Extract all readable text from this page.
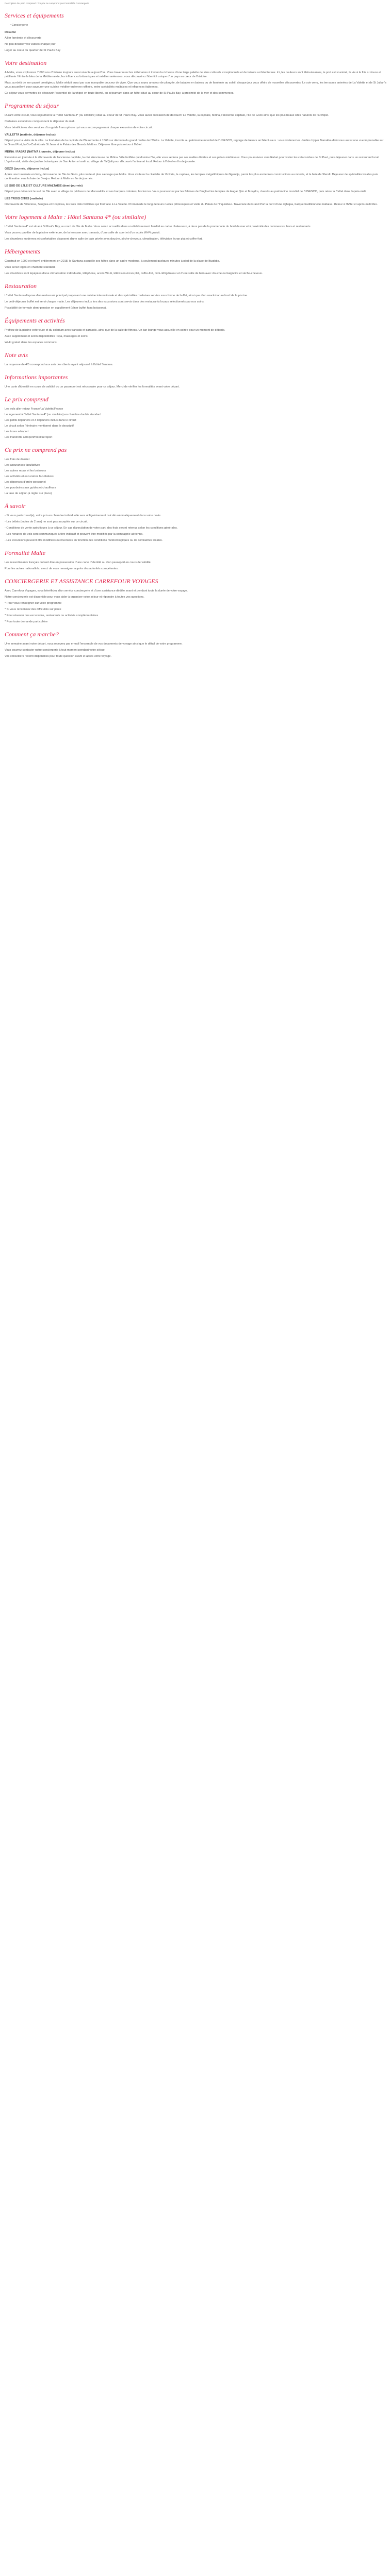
Description Du parc comprend / Ce prix ne comprend pas Formalités Conciergerie

Services et équipements
• Conciergerie
Résumé

Allier farniente et découverte

Ne pas délaiser vos valises chaque jour

Loger au coeur du quartier de St Paul's Bay

Votre destination

A Malte, vous explorerez 7 000 ans d'histoire toujours aussi vivante aujourd'hui. Vous traverserez les millénaires à travers la richesse d'une large palette de sites culturels exceptionnels et de trésors architecturaux. Ici, les couleurs sont éblouissantes, le port est si animé, la vie à la fois si douce et pétillante ! Entre le bleu de la Méditerranée, les influences britanniques et méditerranéennes, vous découvrirez l'identité unique d'un pays au cœur de l'histoire.

Mais, au-delà de son passé prestigieux, Malte séduit aussi par son incroyable douceur de vivre. Que vous soyez amateur de plongée, de balades en bateau ou de farniente au soleil, chaque jour vous offrira de nouvelles découvertes. Le soir venu, les terrasses animées de La Valette et de St Julian's vous accueillent pour savourer une cuisine méditerranéenne raffinée, entre spécialités maltaises et influences italiennes.

Ce séjour vous permettra de découvrir l'essentiel de l'archipel en toute liberté, en séjournant dans un hôtel situé au cœur de St Paul's Bay, à proximité de la mer et des commerces.

Programme du séjour

Durant votre circuit, vous séjournerez à l'hôtel Santana 4* (ou similaire) situé au coeur de St Paul's Bay. Vous aurez l'occasion de découvrir La Valette, la capitale, Mdina, l'ancienne capitale, l'île de Gozo ainsi que les plus beaux sites naturels de l'archipel.

Certaines excursions comprennent le déjeuner du midi.

Vous bénéficierez des services d'un guide francophone qui vous accompagnera à chaque excursion de votre circuit.

VALLETTA (matinée, déjeuner inclus)

Départ pour la visite de la ville. La fondation de la capitale de l'île remonte à 1566 sur décision du grand maître de l'Ordre. La Valette, inscrite au patrimoine mondial de l'UNESCO, regorge de trésors architecturaux : vous visiterez les Jardins Upper Barrakka d'où vous aurez une vue imprenable sur le Grand Port, la Co-Cathédrale St Jean et le Palais des Grands Maîtres. Déjeuner libre puis retour à l'hôtel.

MDINA / RABAT (NATIVA / journée, déjeuner inclus)

Excursion en journée à la découverte de l'ancienne capitale, la cité silencieuse de Mdina. Ville fortifiée qui domine l'île, elle vous séduira par ses ruelles étroites et ses palais médiévaux. Vous poursuivrez vers Rabat pour visiter les catacombes de St Paul, puis déjeuner dans un restaurant local. L'après-midi, visite des jardins botaniques de San Anton et arrêt au village de Ta'Qali pour découvrir l'artisanat local. Retour à l'hôtel en fin de journée.

GOZO (journée, déjeuner inclus)

Après une traversée en ferry, découverte de l'île de Gozo, plus verte et plus sauvage que Malte. Vous visiterez la citadelle de Victoria, la capitale, les temples mégalithiques de Ggantija, parmi les plus anciennes constructions au monde, et la baie de Xlendi. Déjeuner de spécialités locales puis continuation vers la baie de Dwejra. Retour à Malte en fin de journée.

LE SUD DE L'ÎLE ET CULTURE MALTAISE (demi-journée)

Départ pour découvrir le sud de l'île avec le village de pêcheurs de Marsaxlokk et ses barques colorées, les luzzus. Vous poursuivrez par les falaises de Dingli et les temples de Hagar Qim et Mnajdra, classés au patrimoine mondial de l'UNESCO, puis retour à l'hôtel dans l'après-midi.

LES TROIS CITÉS (matinée)

Découverte de Vittoriosa, Senglea et Cospicua, les trois cités fortifiées qui font face à La Valette. Promenade le long de leurs ruelles pittoresques et visite du Palais de l'Inquisiteur. Traversée du Grand Port à bord d'une dghajsa, barque traditionnelle maltaise. Retour à l'hôtel et après-midi libre.

Votre logement à Malte : Hôtel Santana 4* (ou similaire)

L'hôtel Santana 4* est situé à St Paul's Bay, au nord de l'île de Malte. Vous serez accueillis dans un établissement familial au cadre chaleureux, à deux pas de la promenade du bord de mer et à proximité des commerces, bars et restaurants.

Vous pourrez profiter de la piscine extérieure, de la terrasse avec transats, d'une salle de sport et d'un accès Wi-Fi gratuit.

Les chambres modernes et confortables disposent d'une salle de bain privée avec douche, sèche-cheveux, climatisation, télévision écran plat et coffre-fort.

Hébergements

Construit en 1990 et rénové entièrement en 2018, le Santana accueille ses hôtes dans un cadre moderne, à seulement quelques minutes à pied de la plage de Bugibba.

Vous serez logés en chambre standard.

Les chambres sont équipées d'une climatisation individuelle, téléphone, accès Wi-Fi, télévision écran plat, coffre-fort, mini-réfrigérateur et d'une salle de bain avec douche ou baignoire et sèche-cheveux.

Restauration

L'hôtel Santana dispose d'un restaurant principal proposant une cuisine internationale et des spécialités maltaises servies sous forme de buffet, ainsi que d'un snack-bar au bord de la piscine.

Le petit-déjeuner buffet est servi chaque matin. Les déjeuners inclus lors des excursions sont servis dans des restaurants locaux sélectionnés par nos soins.

Possibilité de formule demi-pension en supplément (dîner buffet hors boissons).

Équipements et activités

Profitez de la piscine extérieure et du solarium avec transats et parasols, ainsi que de la salle de fitness. Un bar lounge vous accueille en soirée pour un moment de détente.

Avec supplément et selon disponibilités : spa, massages et soins.

Wi-Fi gratuit dans les espaces communs.

Note avis

La moyenne de 4/5 correspond aux avis des clients ayant séjourné à l'hôtel Santana.

Informations importantes

Une carte d'identité en cours de validité ou un passeport est nécessaire pour ce séjour. Merci de vérifier les formalités avant votre départ.

Le prix comprend

Les vols aller-retour France/La Valette/France

Le logement à l'hôtel Santana 4* (ou similaire) en chambre double standard

Les petits déjeuners et 3 déjeuners inclus dans le circuit

Le circuit selon l'itinéraire mentionné dans le descriptif

Les taxes aéroport

Les transferts aéroport/hôtel/aéroport

Ce prix ne comprend pas

Les frais de dossier

Les assurances facultatives

Les autres repas et les boissons

Les activités et excursions facultatives

Les dépenses d'ordre personnel

Les pourboires aux guides et chauffeurs

La taxe de séjour (à régler sur place)

À savoir

- Si vous partez seul(e), votre prix en chambre individuelle sera obligatoirement calculé automatiquement dans votre devis.

- Les bébés (moins de 2 ans) ne sont pas acceptés sur ce circuit.

- Conditions de vente spécifiques à ce séjour. En cas d'annulation de votre part, des frais seront retenus selon les conditions générales.

- Les horaires de vols sont communiqués à titre indicatif et peuvent être modifiés par la compagnie aérienne.

- Les excursions peuvent être modifiées ou inversées en fonction des conditions météorologiques ou de contraintes locales.

Formalité Malte

Les ressortissants français doivent être en possession d'une carte d'identité ou d'un passeport en cours de validité.

Pour les autres nationalités, merci de vous renseigner auprès des autorités compétentes.

CONCIERGERIE ET ASSISTANCE CARREFOUR VOYAGES

Avec Carrefour Voyages, vous bénéficiez d'un service conciergerie et d'une assistance dédiée avant et pendant toute la durée de votre voyage.

Notre conciergerie est disponible pour vous aider à organiser votre séjour et répondre à toutes vos questions.

* Pour vous renseigner sur votre programme

* Si vous rencontrez des difficultés sur place

* Pour réserver des excursions, restaurants ou activités complémentaires

* Pour toute demande particulière

Comment ça marche?

Une semaine avant votre départ, vous recevrez par e-mail l'ensemble de vos documents de voyage ainsi que le détail de votre programme.

Vous pourrez contacter notre conciergerie à tout moment pendant votre séjour.

Vos conseillers restent disponibles pour toute question avant et après votre voyage.
